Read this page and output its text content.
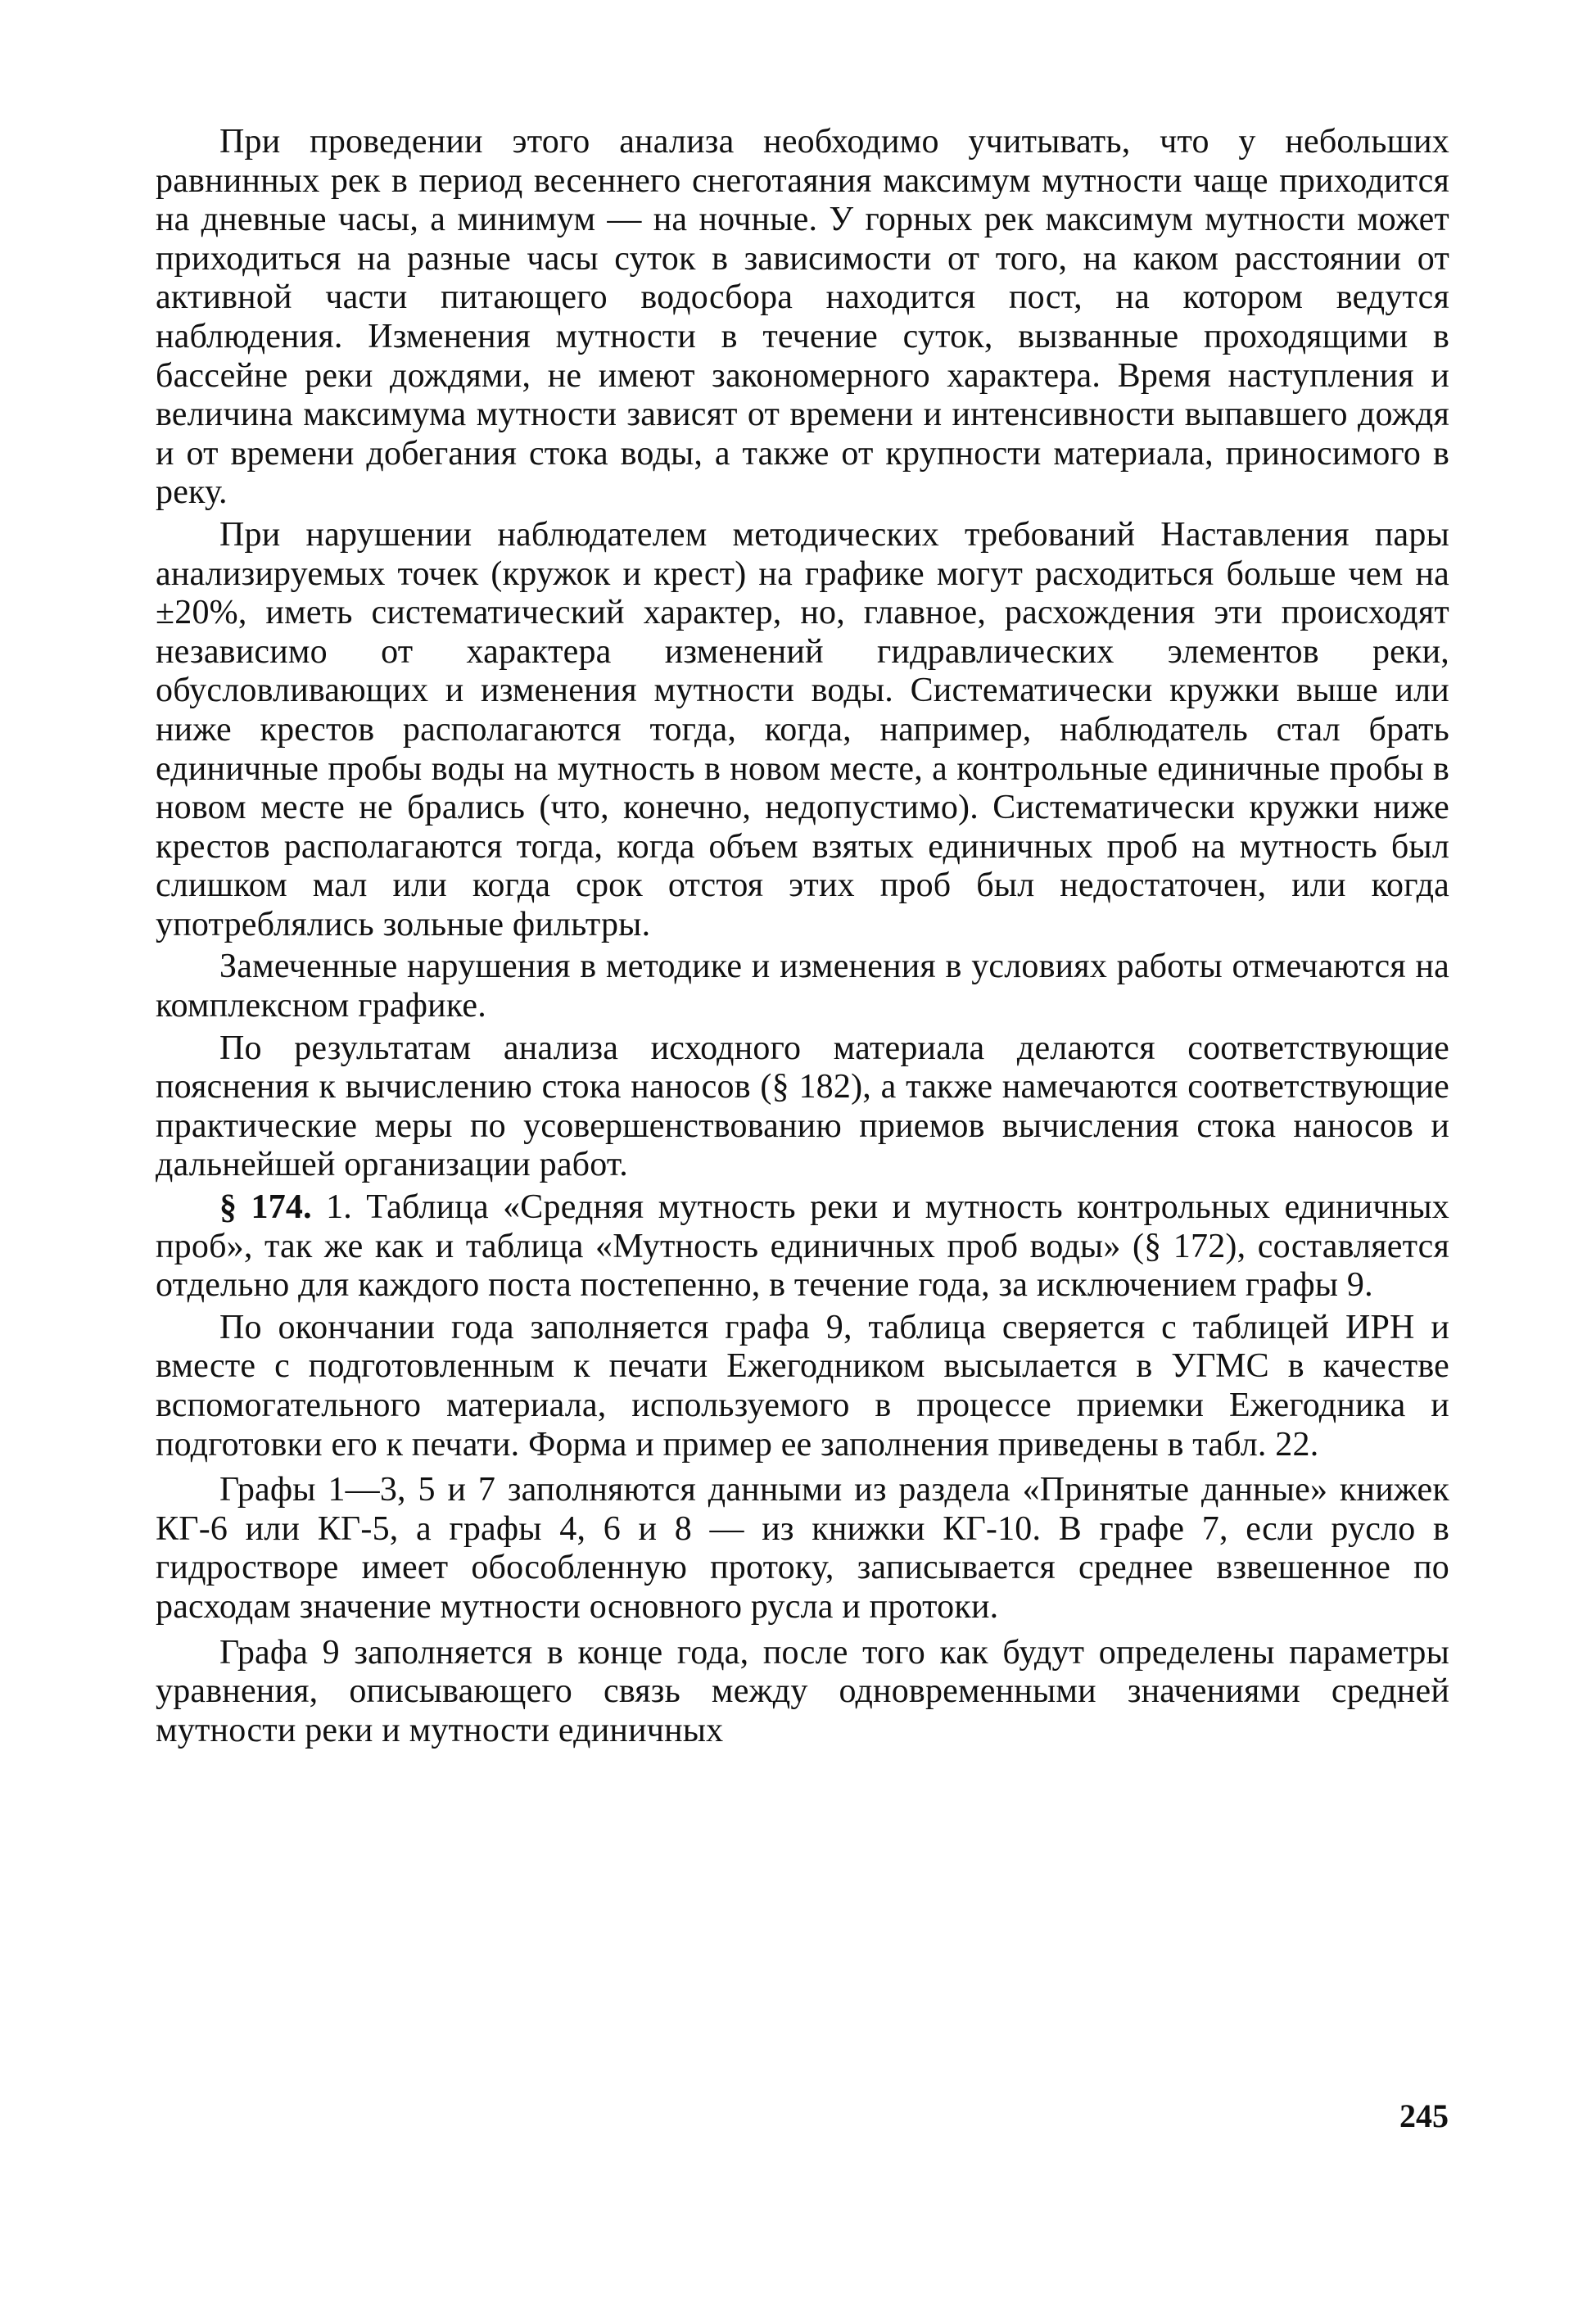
При проведении этого анализа необходимо учитывать, что у небольших равнинных рек в период весеннего снеготаяния максимум мутности чаще приходится на дневные часы, а минимум — на ночные. У горных рек максимум мутности может приходиться на разные часы суток в зависимости от того, на каком расстоянии от активной части питающего водосбора находится пост, на котором ведутся наблюдения. Изменения мутности в течение суток, вызванные проходящими в бассейне реки дождями, не имеют закономерного характера. Время наступления и величина максимума мутности зависят от времени и интенсивности выпавшего дождя и от времени добегания стока воды, а также от крупности материала, приносимого в реку.

При нарушении наблюдателем методических требований Наставления пары анализируемых точек (кружок и крест) на графике могут расходиться больше чем на ±20%, иметь систематический характер, но, главное, расхождения эти происходят независимо от характера изменений гидравлических элементов реки, обусловливающих и изменения мутности воды. Систематически кружки выше или ниже крестов располагаются тогда, когда, например, наблюдатель стал брать единичные пробы воды на мутность в новом месте, а контрольные единичные пробы в новом месте не брались (что, конечно, недопустимо). Систематически кружки ниже крестов располагаются тогда, когда объем взятых единичных проб на мутность был слишком мал или когда срок отстоя этих проб был недостаточен, или когда употреблялись зольные фильтры.

Замеченные нарушения в методике и изменения в условиях работы отмечаются на комплексном графике.

По результатам анализа исходного материала делаются соответствующие пояснения к вычислению стока наносов (§ 182), а также намечаются соответствующие практические меры по усовершенствованию приемов вычисления стока наносов и дальнейшей организации работ.

§ 174. 1. Таблица «Средняя мутность реки и мутность контрольных единичных проб», так же как и таблица «Мутность единичных проб воды» (§ 172), составляется отдельно для каждого поста постепенно, в течение года, за исключением графы 9.

По окончании года заполняется графа 9, таблица сверяется с таблицей ИРН и вместе с подготовленным к печати Ежегодником высылается в УГМС в качестве вспомогательного материала, используемого в процессе приемки Ежегодника и подготовки его к печати. Форма и пример ее заполнения приведены в табл. 22.

Графы 1—3, 5 и 7 заполняются данными из раздела «Принятые данные» книжек КГ-6 или КГ-5, а графы 4, 6 и 8 — из книжки КГ-10. В графе 7, если русло в гидростворе имеет обособленную протоку, записывается среднее взвешенное по расходам значение мутности основного русла и протоки.

Графа 9 заполняется в конце года, после того как будут определены параметры уравнения, описывающего связь между одновременными значениями средней мутности реки и мутности единичных

245
